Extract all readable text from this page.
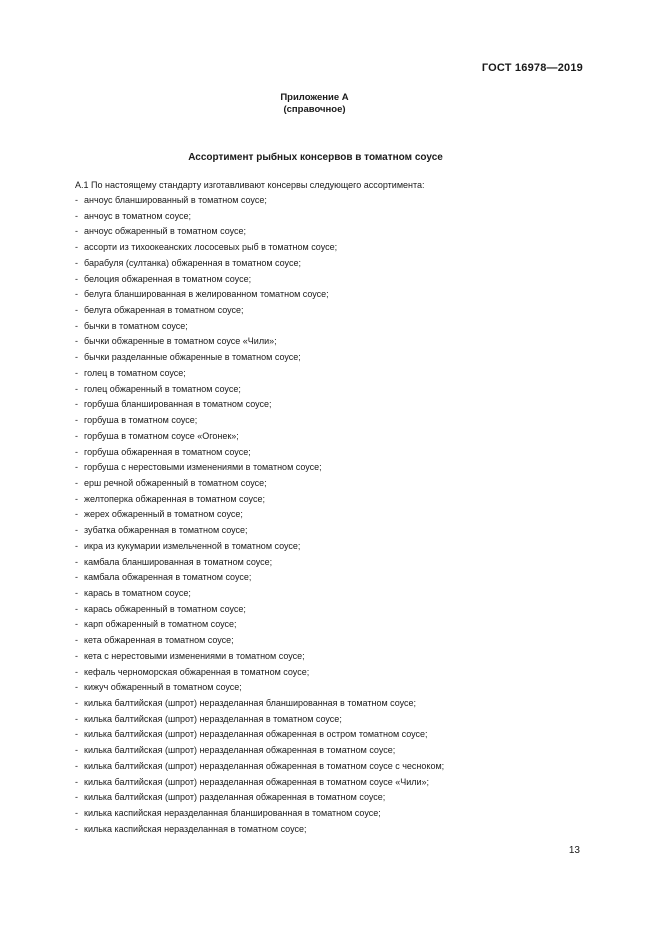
ГОСТ 16978—2019
Приложение А
(справочное)
Ассортимент рыбных консервов в томатном соусе
А.1 По настоящему стандарту изготавливают консервы следующего ассортимента:
- анчоус бланшированный в томатном соусе;
- анчоус в томатном соусе;
- анчоус обжаренный в томатном соусе;
- ассорти из тихоокеанских лососевых рыб в томатном соусе;
- барабуля (султанка) обжаренная в томатном соусе;
- белоция обжаренная в томатном соусе;
- белуга бланшированная в желированном томатном соусе;
- белуга обжаренная в томатном соусе;
- бычки в томатном соусе;
- бычки обжаренные в томатном соусе «Чили»;
- бычки разделанные обжаренные в томатном соусе;
- голец в томатном соусе;
- голец обжаренный в томатном соусе;
- горбуша бланшированная в томатном соусе;
- горбуша в томатном соусе;
- горбуша в томатном соусе «Огонек»;
- горбуша обжаренная в томатном соусе;
- горбуша с нерестовыми изменениями в томатном соусе;
- ерш речной обжаренный в томатном соусе;
- желтоперка обжаренная в томатном соусе;
- жерех обжаренный в томатном соусе;
- зубатка обжаренная в томатном соусе;
- икра из кукумарии измельченной в томатном соусе;
- камбала бланшированная в томатном соусе;
- камбала обжаренная в томатном соусе;
- карась в томатном соусе;
- карась обжаренный в томатном соусе;
- карп обжаренный в томатном соусе;
- кета обжаренная в томатном соусе;
- кета с нерестовыми изменениями в томатном соусе;
- кефаль черноморская обжаренная в томатном соусе;
- кижуч обжаренный в томатном соусе;
- килька балтийская (шпрот) неразделанная бланшированная в томатном соусе;
- килька балтийская (шпрот) неразделанная в томатном соусе;
- килька балтийская (шпрот) неразделанная обжаренная в остром томатном соусе;
- килька балтийская (шпрот) неразделанная обжаренная в томатном соусе;
- килька балтийская (шпрот) неразделанная обжаренная в томатном соусе с чесноком;
- килька балтийская (шпрот) неразделанная обжаренная в томатном соусе «Чили»;
- килька балтийская (шпрот) разделанная обжаренная в томатном соусе;
- килька каспийская неразделанная бланшированная в томатном соусе;
- килька каспийская неразделанная в томатном соусе;
13
